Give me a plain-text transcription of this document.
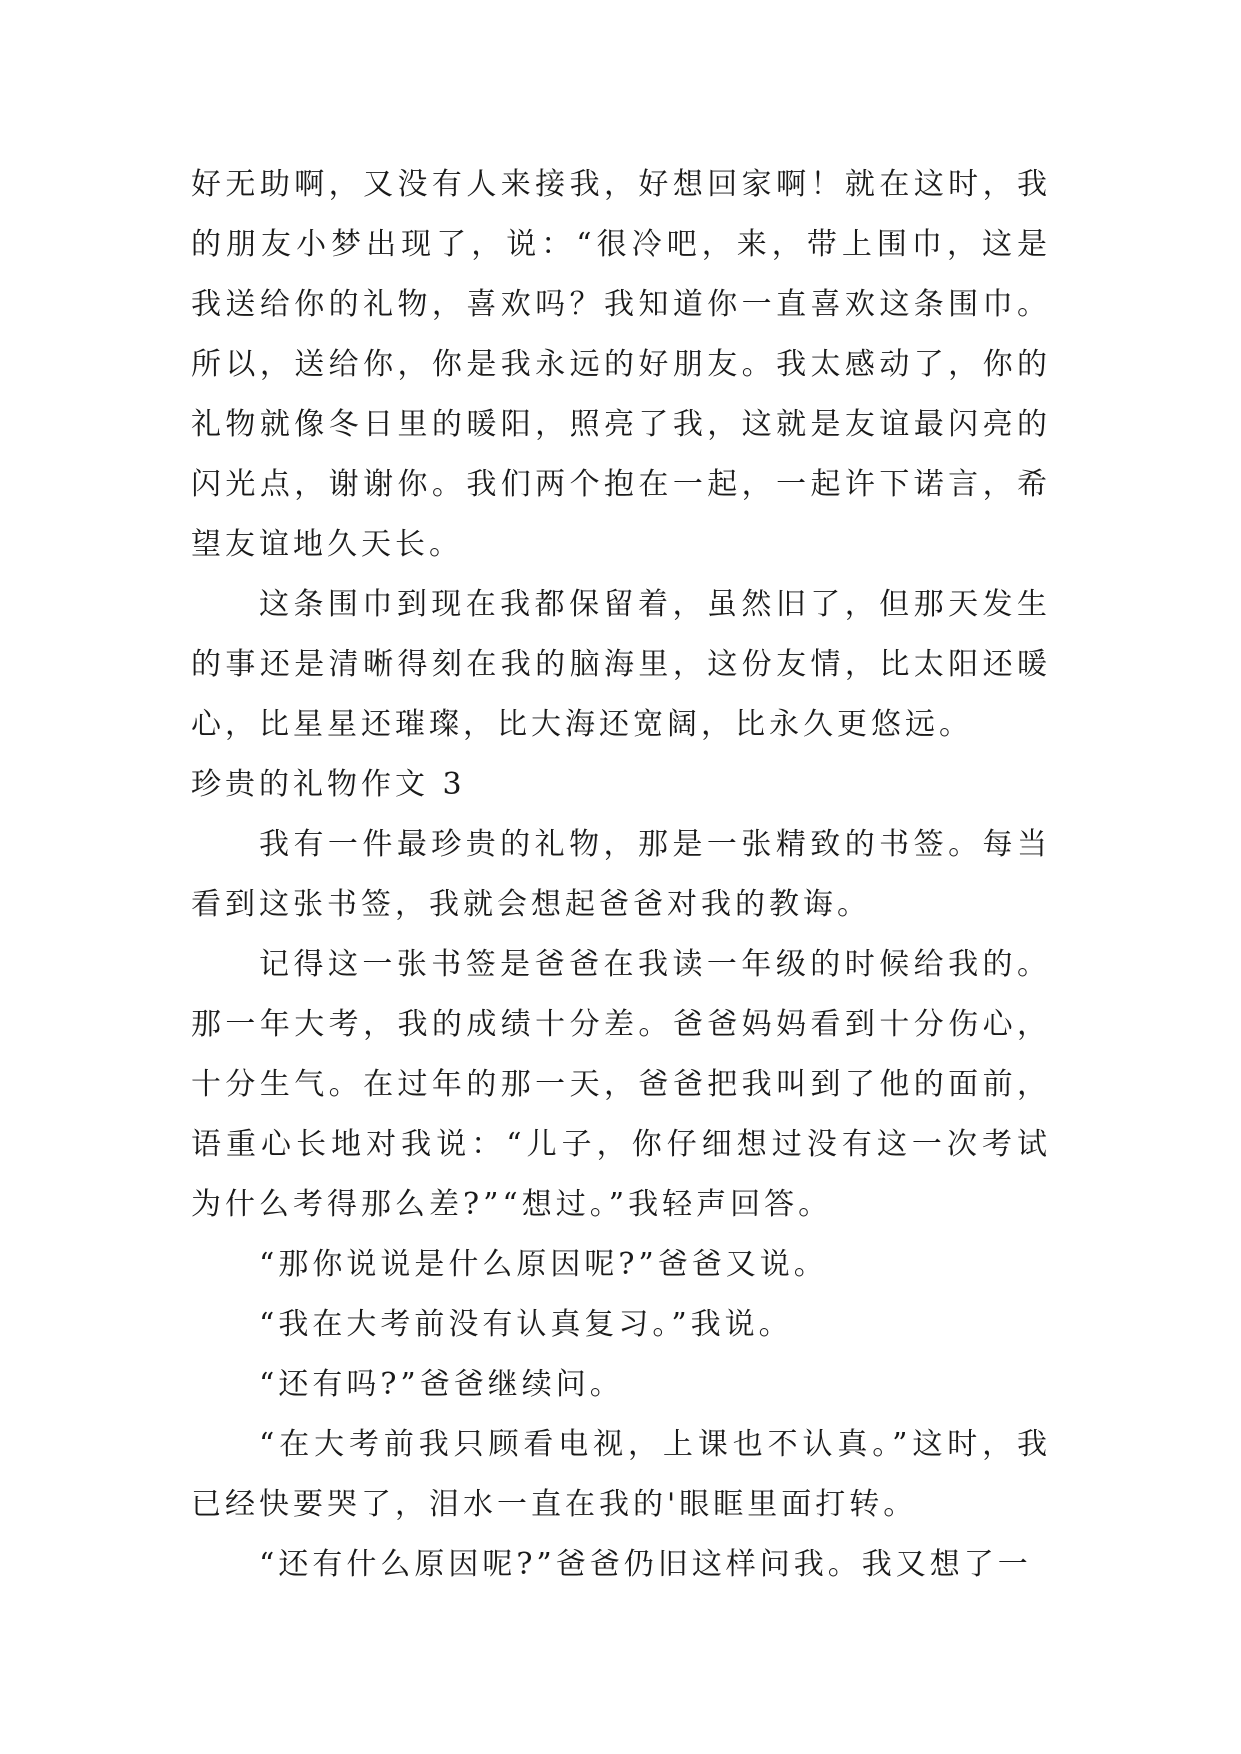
好无助啊，又没有人来接我，好想回家啊！就在这时，我的朋友小梦出现了，说：“很冷吧，来，带上围巾，这是我送给你的礼物，喜欢吗？我知道你一直喜欢这条围巾。所以，送给你，你是我永远的好朋友。我太感动了，你的礼物就像冬日里的暖阳，照亮了我，这就是友谊最闪亮的闪光点，谢谢你。我们两个抱在一起，一起许下诺言，希望友谊地久天长。

这条围巾到现在我都保留着，虽然旧了，但那天发生的事还是清晰得刻在我的脑海里，这份友情，比太阳还暖心，比星星还璀璨，比大海还宽阔，比永久更悠远。

珍贵的礼物作文 3

我有一件最珍贵的礼物，那是一张精致的书签。每当看到这张书签，我就会想起爸爸对我的教诲。

记得这一张书签是爸爸在我读一年级的时候给我的。那一年大考，我的成绩十分差。爸爸妈妈看到十分伤心，十分生气。在过年的那一天，爸爸把我叫到了他的面前，语重心长地对我说：“儿子，你仔细想过没有这一次考试为什么考得那么差?”“想过。”我轻声回答。

“那你说说是什么原因呢?”爸爸又说。

“我在大考前没有认真复习。”我说。

“还有吗?”爸爸继续问。

“在大考前我只顾看电视，上课也不认真。”这时，我已经快要哭了，泪水一直在我的'眼眶里面打转。

“还有什么原因呢?”爸爸仍旧这样问我。我又想了一
